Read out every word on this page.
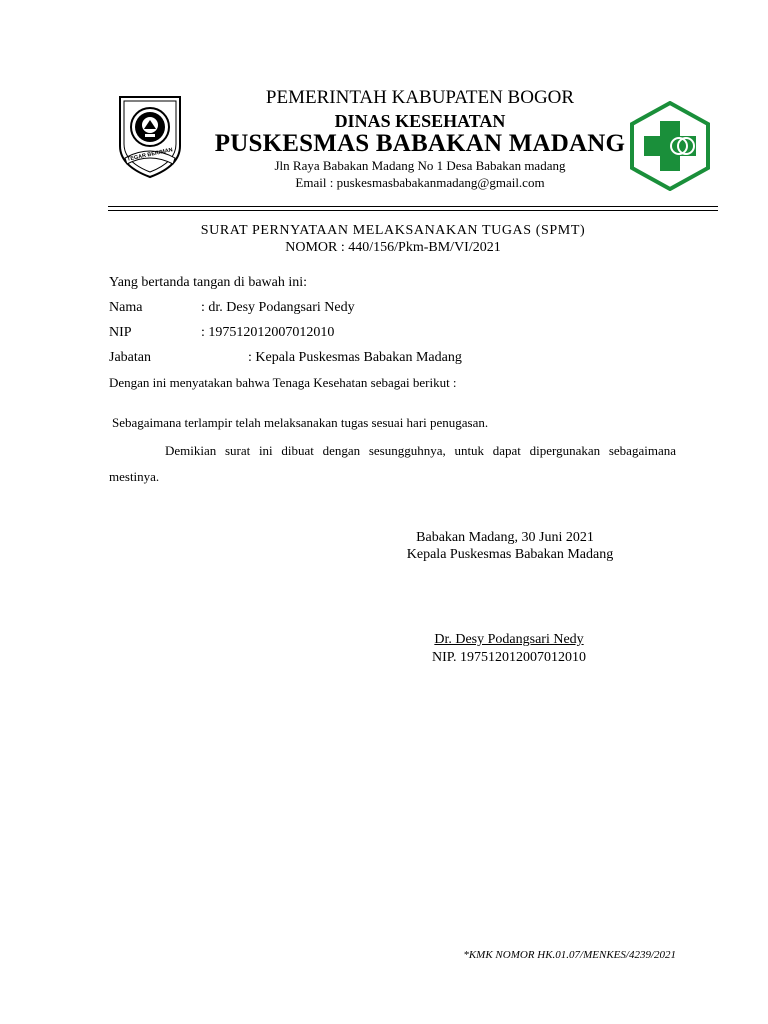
TEGAR BERIMAN
PEMERINTAH KABUPATEN BOGOR
DINAS KESEHATAN
PUSKESMAS BABAKAN MADANG
Jln Raya Babakan Madang No 1 Desa Babakan madang
Email : puskesmasbabakanmadang@gmail.com
SURAT PERNYATAAN MELAKSANAKAN TUGAS (SPMT)
NOMOR : 440/156/Pkm-BM/VI/2021
Yang bertanda tangan di bawah ini:
Nama	: dr. Desy Podangsari Nedy
NIP	: 197512012007012010
Jabatan	: Kepala Puskesmas Babakan Madang
Dengan ini menyatakan bahwa Tenaga Kesehatan sebagai berikut :
Sebagaimana terlampir telah melaksanakan tugas sesuai hari penugasan.
Demikian surat ini dibuat dengan sesungguhnya, untuk dapat dipergunakan sebagaimana mestinya.
Babakan Madang, 30 Juni 2021
Kepala Puskesmas Babakan Madang
Dr. Desy Podangsari Nedy
NIP. 197512012007012010
*KMK NOMOR HK.01.07/MENKES/4239/2021
